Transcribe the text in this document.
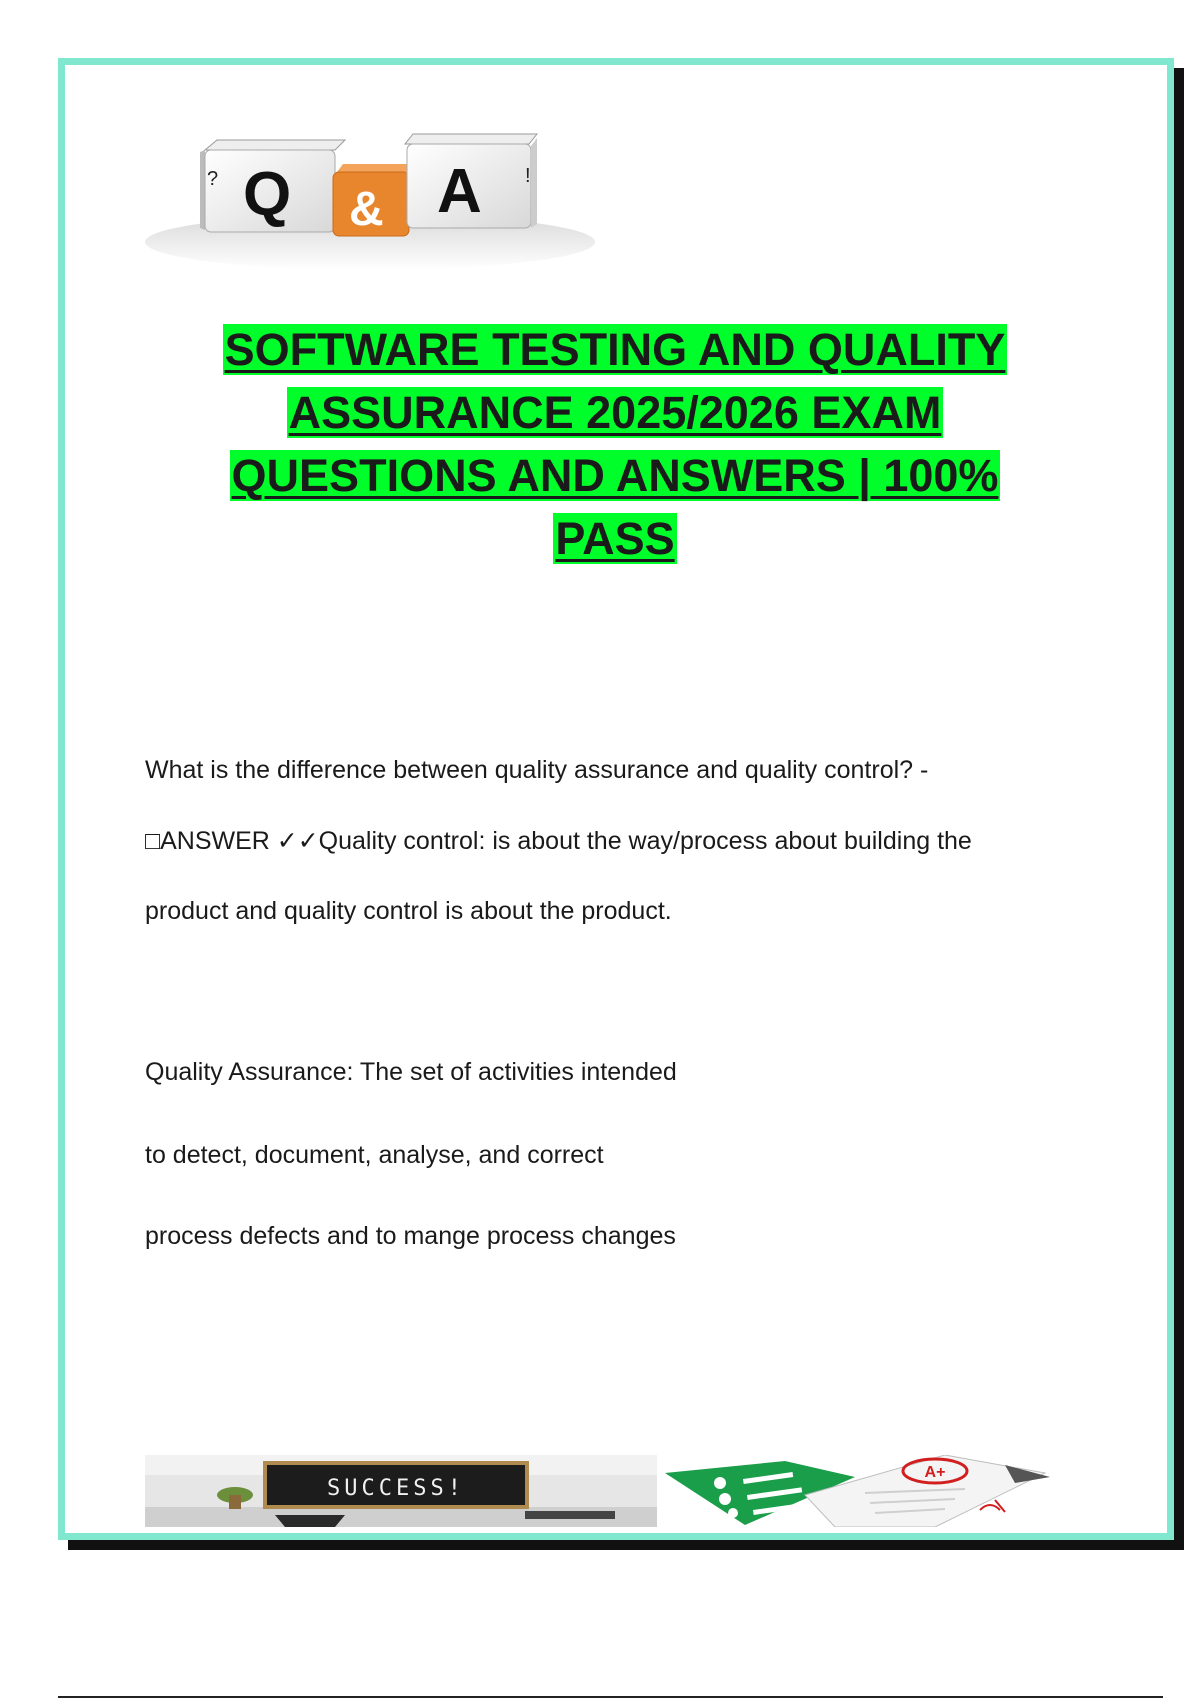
? Q & A !
SOFTWARE TESTING AND QUALITY
ASSURANCE 2025/2026 EXAM
QUESTIONS AND ANSWERS | 100%
PASS

What is the difference between quality assurance and quality control? -

□ANSWER ✓✓Quality control: is about the way/process about building the

product and quality control is about the product.

Quality Assurance: The set of activities intended

to detect, document, analyse, and correct

process defects and to mange process changes

SUCCESS!
A+
